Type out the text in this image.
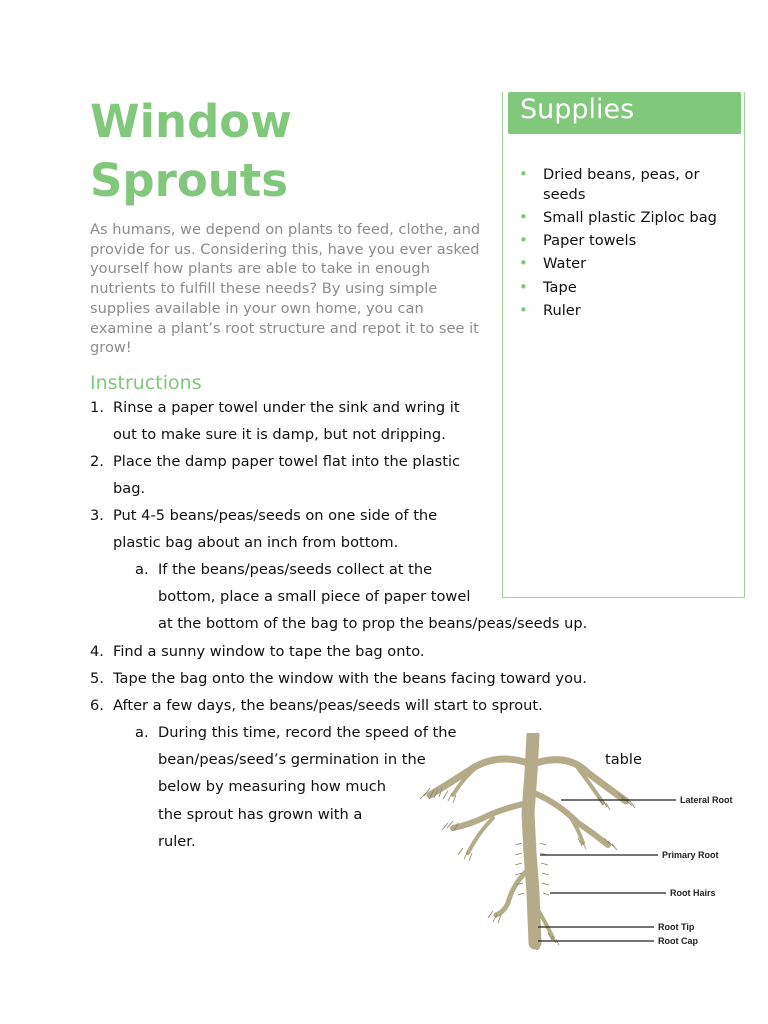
Window
Sprouts
As humans, we depend on plants to feed, clothe, and provide for us. Considering this, have you ever asked yourself how plants are able to take in enough nutrients to fulfill these needs? By using simple supplies available in your own home, you can examine a plant’s root structure and repot it to see it grow!
Instructions
1. Rinse a paper towel under the sink and wring it
out to make sure it is damp, but not dripping.
2. Place the damp paper towel flat into the plastic
bag.
3. Put 4-5 beans/peas/seeds on one side of the
plastic bag about an inch from bottom.
a. If the beans/peas/seeds collect at the
bottom, place a small piece of paper towel
at the bottom of the bag to prop the beans/peas/seeds up.
4. Find a sunny window to tape the bag onto.
5. Tape the bag onto the window with the beans facing toward you.
6. After a few days, the beans/peas/seeds will start to sprout.
a. During this time, record the speed of the
bean/peas/seed’s germination in the
below by measuring how much
the sprout has grown with a
ruler.
table
Supplies
• Dried beans, peas, or seeds
• Small plastic Ziploc bag
• Paper towels
• Water
• Tape
• Ruler
Lateral Root
Primary Root
Root Hairs
Root Tip
Root Cap
